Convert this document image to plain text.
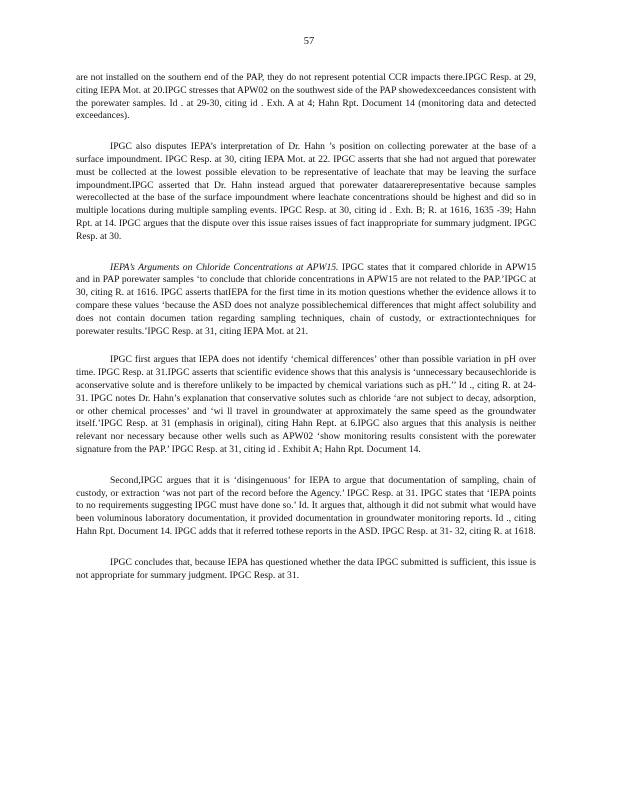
57

are not installed on the southern end of the PAP, they do not represent potential CCR impacts there.IPGC Resp. at 29, citing IEPA Mot. at 20.IPGC stresses that APW02 on the southwest side of the PAP showedexceedances consistent with the porewater samples. Id . at 29-30, citing id . Exh. A at 4; Hahn Rpt. Document 14 (monitoring data and detected exceedances).

IPGC also disputes IEPA’s interpretation of Dr. Hahn ’s position on collecting porewater at the base of a surface impoundment. IPGC Resp. at 30, citing IEPA Mot. at 22. IPGC asserts that she had not argued that porewater must be collected at the lowest possible elevation to be representative of leachate that may be leaving the surface impoundment.IPGC asserted that Dr. Hahn instead argued that porewater dataarerepresentative because samples werecollected at the base of the surface impoundment where leachate concentrations should be highest and did so in multiple locations during multiple sampling events. IPGC Resp. at 30, citing id . Exh. B; R. at 1616, 1635 -39; Hahn Rpt. at 14. IPGC argues that the dispute over this issue raises issues of fact inappropriate for summary judgment. IPGC Resp. at 30.

IEPA’s Arguments on Chloride Concentrations at APW15. IPGC states that it compared chloride in APW15 and in PAP porewater samples ‘to conclude that chloride concentrations in APW15 are not related to the PAP.’IPGC at 30, citing R. at 1616. IPGC asserts thatIEPA for the first time in its motion questions whether the evidence allows it to compare these values ‘because the ASD does not analyze possiblechemical differences that might affect solubility and does not contain documen tation regarding sampling techniques, chain of custody, or extractiontechniques for porewater results.’IPGC Resp. at 31, citing IEPA Mot. at 21.

IPGC first argues that IEPA does not identify ‘chemical differences’ other than possible variation in pH over time. IPGC Resp. at 31.IPGC asserts that scientific evidence shows that this analysis is ‘unnecessary becausechloride is aconservative solute and is therefore unlikely to be impacted by chemical variations such as pH.’’ Id ., citing R. at 24-31. IPGC notes Dr. Hahn’s explanation that conservative solutes such as chloride ‘are not subject to decay, adsorption, or other chemical processes’ and ‘wi ll travel in groundwater at approximately the same speed as the groundwater itself.’IPGC Resp. at 31 (emphasis in original), citing Hahn Rept. at 6.IPGC also argues that this analysis is neither relevant nor necessary because other wells such as APW02 ‘show monitoring results consistent with the porewater signature from the PAP.’ IPGC Resp. at 31, citing id . Exhibit A; Hahn Rpt. Document 14.

Second,IPGC argues that it is ‘disingenuous’ for IEPA to argue that documentation of sampling, chain of custody, or extraction ‘was not part of the record before the Agency.’ IPGC Resp. at 31. IPGC states that ‘IEPA points to no requirements suggesting IPGC must have done so.’ Id. It argues that, although it did not submit what would have been voluminous laboratory documentation, it provided documentation in groundwater monitoring reports. Id ., citing Hahn Rpt. Document 14. IPGC adds that it referred tothese reports in the ASD. IPGC Resp. at 31- 32, citing R. at 1618.

IPGC concludes that, because IEPA has questioned whether the data IPGC submitted is sufficient, this issue is not appropriate for summary judgment. IPGC Resp. at 31.
